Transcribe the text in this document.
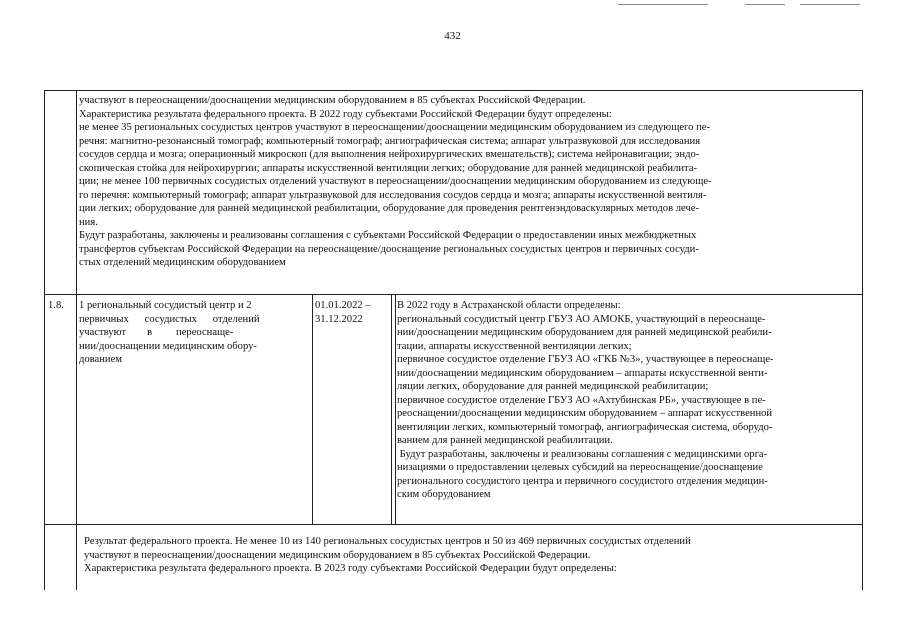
432
участвуют в переоснащении/дооснащении медицинским оборудованием в 85 субъектах Российской Федерации.
Характеристика результата федерального проекта. В 2022 году субъектами Российской Федерации будут определены:
не менее 35 региональных сосудистых центров участвуют в переоснащении/дооснащении медицинским оборудованием из следующего пе-
речня: магнитно-резонансный томограф; компьютерный томограф; ангиографическая система; аппарат ультразвуковой для исследования
сосудов сердца и мозга; операционный микроскоп (для выполнения нейрохирургических вмешательств); система нейронавигации; эндо-
скопическая стойка для нейрохирургии; аппараты искусственной вентиляции легких; оборудование для ранней медицинской реабилита-
ции; не менее 100 первичных сосудистых отделений участвуют в переоснащении/дооснащении медицинским оборудованием из следующе-
го перечня: компьютерный томограф; аппарат ультразвуковой для исследования сосудов сердца и мозга; аппараты искусственной вентиля-
ции легких; оборудование для ранней медицинской реабилитации, оборудование для проведения рентгенэндоваскулярных методов лече-
ния.
Будут разработаны, заключены и реализованы соглашения с субъектами Российской Федерации о предоставлении иных межбюджетных
трансфертов субъектам Российской Федерации на переоснащение/дооснащение региональных сосудистых центров и первичных сосуди-
стых отделений медицинским оборудованием
1.8. 1 региональный сосудистый центр и 2
первичных      сосудистых      отделений
участвуют        в         переоснаще-
нии/дооснащении медицинским обору-
дованием
01.01.2022 –
31.12.2022
В 2022 году в Астраханской области определены:
региональный сосудистый центр ГБУЗ АО АМОКБ, участвующий в переоснаще-
нии/дооснащении медицинским оборудованием для ранней медицинской реабили-
тации, аппараты искусственной вентиляции легких;
первичное сосудистое отделение ГБУЗ АО «ГКБ №3», участвующее в переоснаще-
нии/дооснащении медицинским оборудованием – аппараты искусственной венти-
ляции легких, оборудование для ранней медицинской реабилитации;
первичное сосудистое отделение ГБУЗ АО «Ахтубинская РБ», участвующее в пе-
реоснащении/дооснащении медицинским оборудованием – аппарат искусственной
вентиляции легких, компьютерный томограф, ангиографическая система, оборудо-
ванием для ранней медицинской реабилитации.
Будут разработаны, заключены и реализованы соглашения с медицинскими орга-
низациями о предоставлении целевых субсидий на переоснащение/дооснащение
регионального сосудистого центра и первичного сосудистого отделения медицин-
ским оборудованием
Результат федерального проекта. Не менее 10 из 140 региональных сосудистых центров и 50 из 469 первичных сосудистых отделений
участвуют в переоснащении/дооснащении медицинским оборудованием в 85 субъектах Российской Федерации.
Характеристика результата федерального проекта. В 2023 году субъектами Российской Федерации будут определены:
